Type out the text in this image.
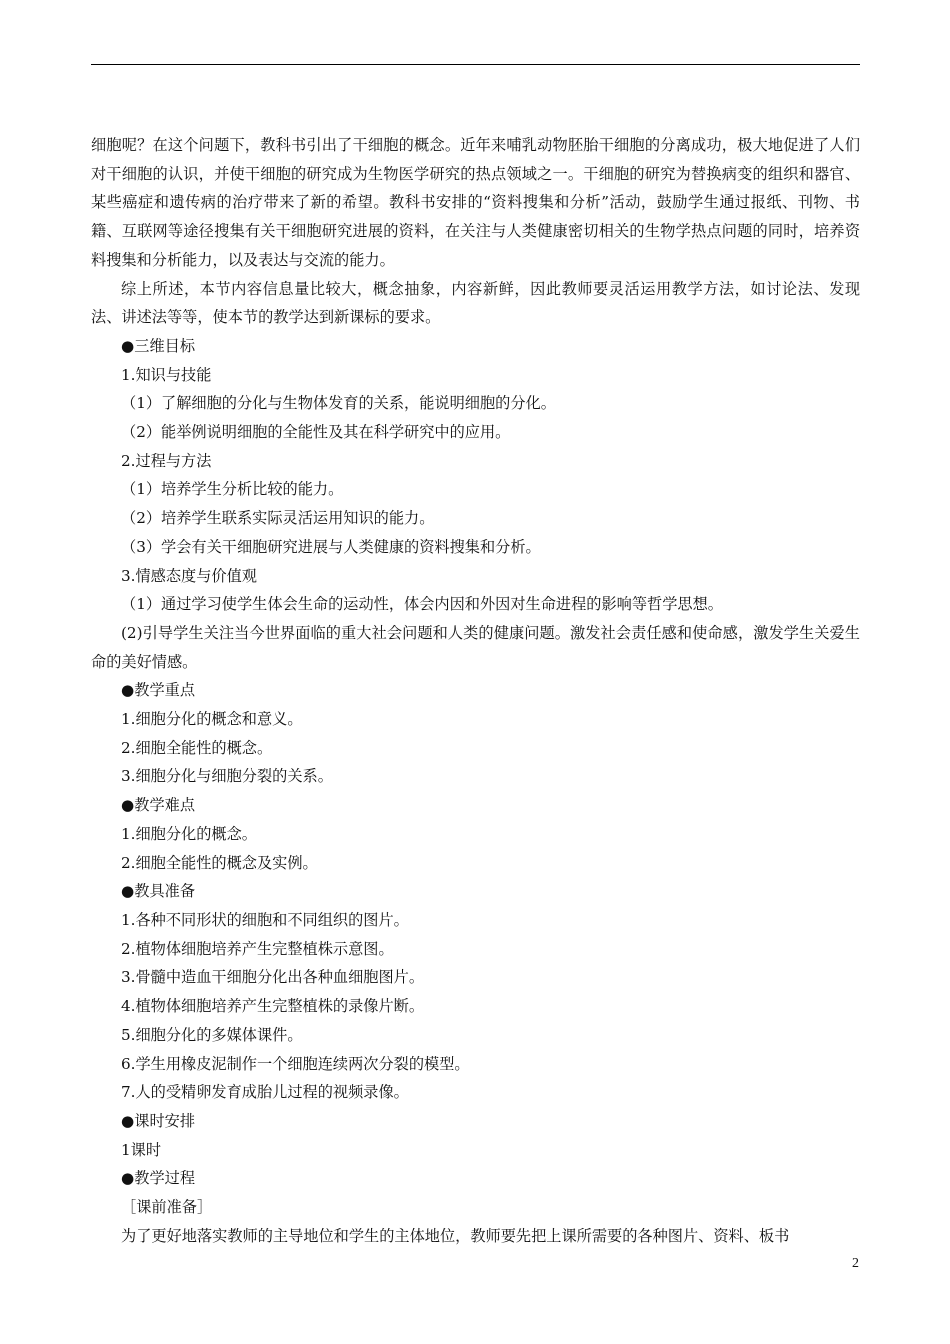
细胞呢？在这个问题下，教科书引出了干细胞的概念。近年来哺乳动物胚胎干细胞的分离成功，极大地促进了人们对干细胞的认识，并使干细胞的研究成为生物医学研究的热点领域之一。干细胞的研究为替换病变的组织和器官、某些癌症和遗传病的治疗带来了新的希望。教科书安排的“资料搜集和分析”活动，鼓励学生通过报纸、刊物、书籍、互联网等途径搜集有关干细胞研究进展的资料，在关注与人类健康密切相关的生物学热点问题的同时，培养资料搜集和分析能力，以及表达与交流的能力。

综上所述，本节内容信息量比较大，概念抽象，内容新鲜，因此教师要灵活运用教学方法，如讨论法、发现法、讲述法等等，使本节的教学达到新课标的要求。

●三维目标

1.知识与技能

（1）了解细胞的分化与生物体发育的关系，能说明细胞的分化。

（2）能举例说明细胞的全能性及其在科学研究中的应用。

2.过程与方法

（1）培养学生分析比较的能力。

（2）培养学生联系实际灵活运用知识的能力。

（3）学会有关干细胞研究进展与人类健康的资料搜集和分析。

3.情感态度与价值观

（1）通过学习使学生体会生命的运动性，体会内因和外因对生命进程的影响等哲学思想。

(2)引导学生关注当今世界面临的重大社会问题和人类的健康问题。激发社会责任感和使命感，激发学生关爱生命的美好情感。

●教学重点

1.细胞分化的概念和意义。

2.细胞全能性的概念。

3.细胞分化与细胞分裂的关系。

●教学难点

1.细胞分化的概念。

2.细胞全能性的概念及实例。

●教具准备

1.各种不同形状的细胞和不同组织的图片。

2.植物体细胞培养产生完整植株示意图。

3.骨髓中造血干细胞分化出各种血细胞图片。

4.植物体细胞培养产生完整植株的录像片断。

5.细胞分化的多媒体课件。

6.学生用橡皮泥制作一个细胞连续两次分裂的模型。

7.人的受精卵发育成胎儿过程的视频录像。

●课时安排

1课时

●教学过程

［课前准备］

为了更好地落实教师的主导地位和学生的主体地位，教师要先把上课所需要的各种图片、资料、板书

2
